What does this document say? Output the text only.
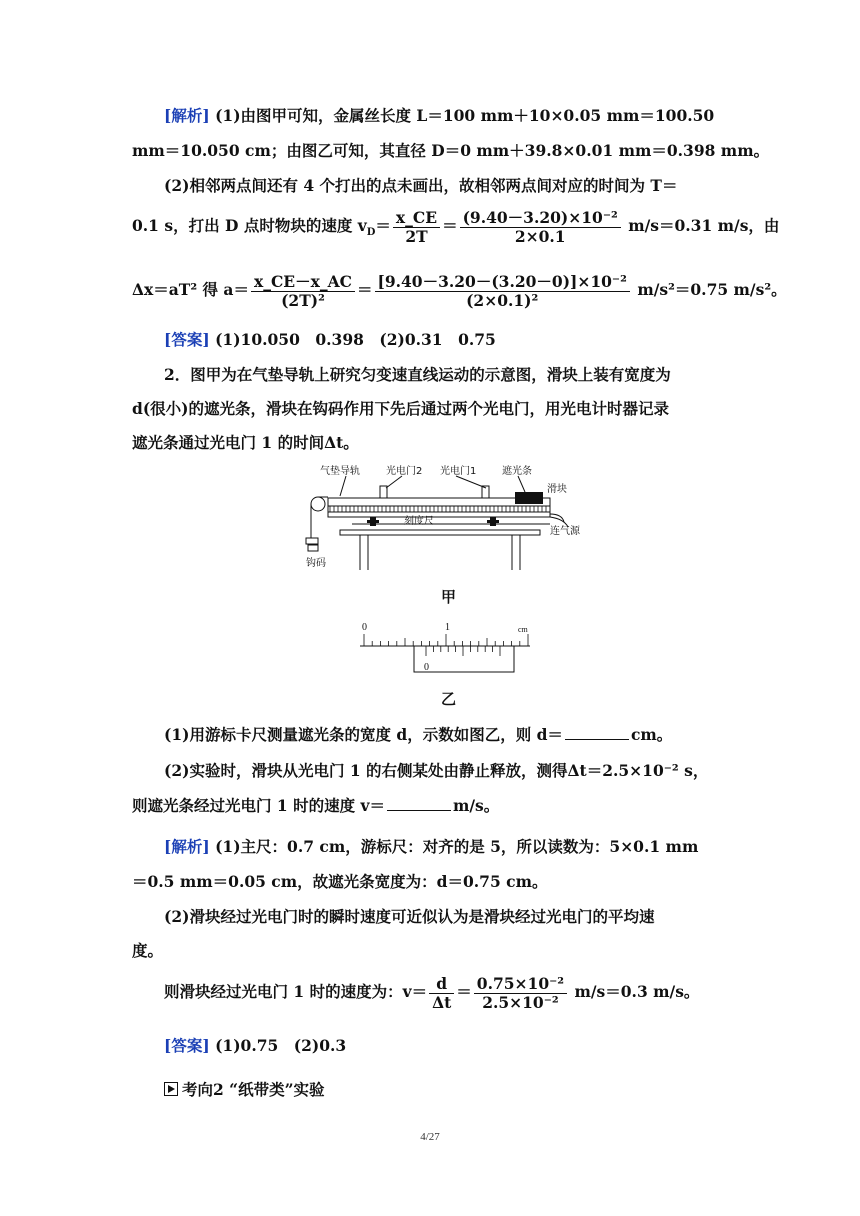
[解析] (1)由图甲可知，金属丝长度 L＝100 mm＋10×0.05 mm＝100.50
mm＝10.050 cm；由图乙可知，其直径 D＝0 mm＋39.8×0.01 mm＝0.398 mm。
(2)相邻两点间还有 4 个打出的点未画出，故相邻两点间对应的时间为 T＝
0.1 s，打出 D 点时物块的速度 $v_D= \frac{x\_CE}{2T} = \frac{\text{(9.40－3.20)×10⁻²}}{2\times 0.1} m/s=0.31$ m/s，由
Δx＝aT² 得 $a= \frac{x\_CE-x\_AC}{\text{(2T)²}} = \frac{\text{[9.40－3.20－(3.20－0)]×10⁻²}}{\text{(2×0.1)²}} m/s^2=0.75$ m/s²。
[答案] (1)10.050　0.398　(2)0.31　0.75
2．图甲为在气垫导轨上研究匀变速直线运动的示意图，滑块上装有宽度为
d(很小)的遮光条，滑块在钩码作用下先后通过两个光电门，用光电计时器记录
遮光条通过光电门 1 的时间Δt。
气垫导轨	光电门2 光电门1	遮光条
滑块
刻度尺
连气源
钩码
甲
0	1	cm
0
乙
(1)用游标卡尺测量遮光条的宽度 d，示数如图乙，则 d＝	cm。
(2)实验时，滑块从光电门 1 的右侧某处由静止释放，测得Δt＝2.5×10⁻² s，
则遮光条经过光电门 1 时的速度 v＝	m/s。
[解析] (1)主尺：0.7 cm，游标尺：对齐的是 5，所以读数为：5×0.1 mm
＝0.5 mm＝0.05 cm，故遮光条宽度为：d＝0.75 cm。
(2)滑块经过光电门时的瞬时速度可近似认为是滑块经过光电门的平均速
度。
则滑块经过光电门 1 时的速度为：$v= \frac{d}{\Delta t} = \frac{\text{0.75×10⁻²}}{\text{2.5×10⁻²}} m/s=0.3$ m/s。
[答案] (1)0.75　(2)0.3
考向2 “纸带类”实验
4/27
